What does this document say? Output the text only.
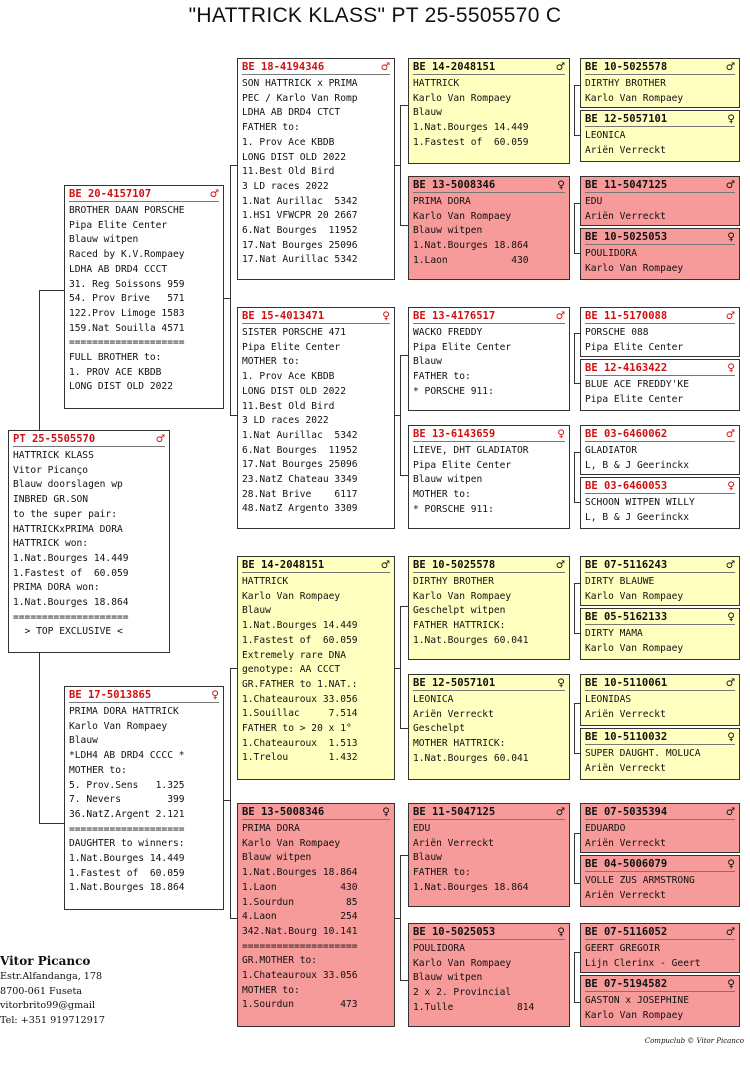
"HATTRICK KLASS" PT 25-5505570 C
PT 25-5505570	♂
HATTRICK KLASS
Vitor Picanço
Blauw doorslagen wp
INBRED GR.SON
to the super pair:
HATTRICKxPRIMA DORA
HATTRICK won:
1.Nat.Bourges 14.449
1.Fastest of  60.059
PRIMA DORA won:
1.Nat.Bourges 18.864
====================
> TOP EXCLUSIVE <
BE 20-4157107	♂
BROTHER DAAN PORSCHE
Pipa Elite Center
Blauw witpen
Raced by K.V.Rompaey
LDHA AB DRD4 CCCT
31. Reg Soissons 959
54. Prov Brive   571
122.Prov Limoge 1583
159.Nat Souilla 4571
====================
FULL BROTHER to:
1. PROV ACE KBDB
LONG DIST OLD 2022
BE 17-5013865	♀
PRIMA DORA HATTRICK
Karlo Van Rompaey
Blauw
*LDH4 AB DRD4 CCCC *
MOTHER to:
5. Prov.Sens   1.325
7. Nevers        399
36.NatZ.Argent 2.121
====================
DAUGHTER to winners:
1.Nat.Bourges 14.449
1.Fastest of  60.059
1.Nat.Bourges 18.864
BE 18-4194346	♂
SON HATTRICK x PRIMA
PEC / Karlo Van Romp
LDHA AB DRD4 CTCT
FATHER to:
1. Prov Ace KBDB
LONG DIST OLD 2022
11.Best Old Bird
3 LD races 2022
1.Nat Aurillac  5342
1.HS1 VFWCPR 20 2667
6.Nat Bourges  11952
17.Nat Bourges 25096
17.Nat Aurillac 5342
BE 15-4013471	♀
SISTER PORSCHE 471
Pipa Elite Center
MOTHER to:
1. Prov Ace KBDB
LONG DIST OLD 2022
11.Best Old Bird
3 LD races 2022
1.Nat Aurillac  5342
6.Nat Bourges  11952
17.Nat Bourges 25096
23.NatZ Chateau 3349
28.Nat Brive    6117
48.NatZ Argento 3309
BE 14-2048151	♂
HATTRICK
Karlo Van Rompaey
Blauw
1.Nat.Bourges 14.449
1.Fastest of  60.059
Extremely rare DNA
genotype: AA CCCT
GR.FATHER to 1.NAT.:
1.Chateauroux 33.056
1.Souillac     7.514
FATHER to > 20 x 1°
1.Chateauroux  1.513
1.Trelou       1.432
BE 13-5008346	♀
PRIMA DORA
Karlo Van Rompaey
Blauw witpen
1.Nat.Bourges 18.864
1.Laon           430
1.Sourdun         85
4.Laon           254
342.Nat.Bourg 10.141
====================
GR.MOTHER to:
1.Chateauroux 33.056
MOTHER to:
1.Sourdun        473
BE 14-2048151	♂
HATTRICK
Karlo Van Rompaey
Blauw
1.Nat.Bourges 14.449
1.Fastest of  60.059
BE 13-5008346	♀
PRIMA DORA
Karlo Van Rompaey
Blauw witpen
1.Nat.Bourges 18.864
1.Laon           430
BE 13-4176517	♂
WACKO FREDDY
Pipa Elite Center
Blauw
FATHER to:
* PORSCHE 911:
BE 13-6143659	♀
LIEVE, DHT GLADIATOR
Pipa Elite Center
Blauw witpen
MOTHER to:
* PORSCHE 911:
BE 10-5025578	♂
DIRTHY BROTHER
Karlo Van Rompaey
Geschelpt witpen
FATHER HATTRICK:
1.Nat.Bourges 60.041
BE 12-5057101	♀
LEONICA
Ariën Verreckt
Geschelpt
MOTHER HATTRICK:
1.Nat.Bourges 60.041
BE 11-5047125	♂
EDU
Ariën Verreckt
Blauw
FATHER to:
1.Nat.Bourges 18.864
BE 10-5025053	♀
POULIDORA
Karlo Van Rompaey
Blauw witpen
2 x 2. Provincial
1.Tulle           814
BE 10-5025578	♂
DIRTHY BROTHER
Karlo Van Rompaey
BE 12-5057101	♀
LEONICA
Ariën Verreckt
BE 11-5047125	♂
EDU
Ariën Verreckt
BE 10-5025053	♀
POULIDORA
Karlo Van Rompaey
BE 11-5170088	♂
PORSCHE 088
Pipa Elite Center
BE 12-4163422	♀
BLUE ACE FREDDY'KE
Pipa Elite Center
BE 03-6460062	♂
GLADIATOR
L, B & J Geerinckx
BE 03-6460053	♀
SCHOON WITPEN WILLY
L, B & J Geerinckx
BE 07-5116243	♂
DIRTY BLAUWE
Karlo Van Rompaey
BE 05-5162133	♀
DIRTY MAMA
Karlo Van Rompaey
BE 10-5110061	♂
LEONIDAS
Ariën Verreckt
BE 10-5110032	♀
SUPER DAUGHT. MOLUCA
Ariën Verreckt
BE 07-5035394	♂
EDUARDO
Ariën Verreckt
BE 04-5006079	♀
VOLLE ZUS ARMSTRONG
Ariën Verreckt
BE 07-5116052	♂
GEERT GREGOIR
Lijn Clerinx - Geert
BE 07-5194582	♀
GASTON x JOSEPHINE
Karlo Van Rompaey
Vitor Picanco
Estr.Alfandanga, 178
8700-061 Fuseta
vitorbrito99@gmail
Tel: +351 919712917
Compuclub © Vitor Picanco
